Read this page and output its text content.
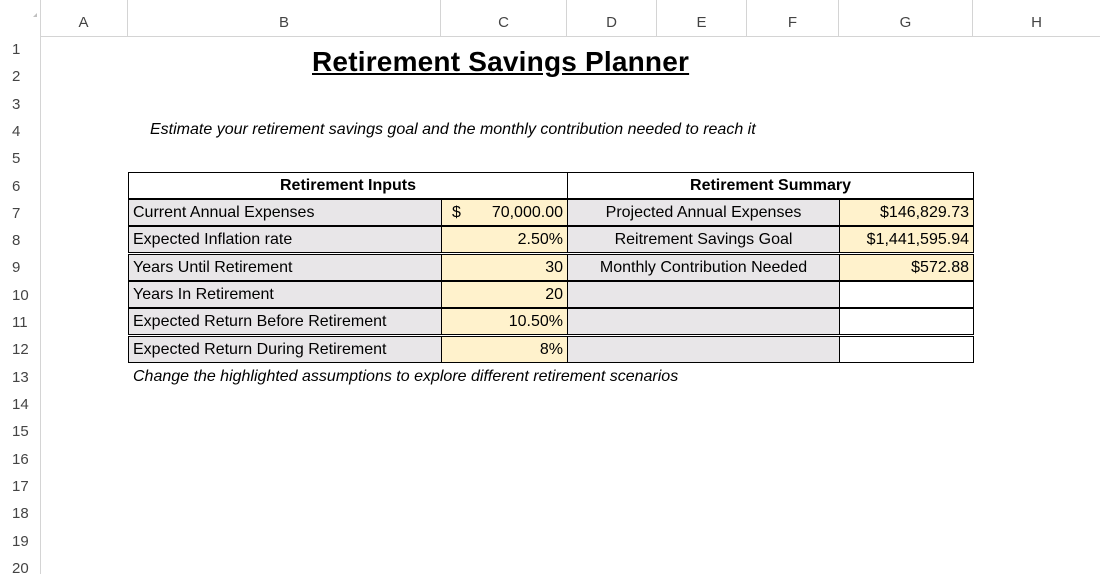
A	B	C	D	E	F	G	H
1
2
3
4
5
6
7
8
9
10
11
12
13
14
15
16
17
18
19
20
Retirement Savings Planner
Estimate your retirement savings goal and the monthly contribution needed to reach it
Retirement Inputs	Retirement Summary
Current Annual Expenses	$ 70,000.00	Projected Annual Expenses	$146,829.73
Expected Inflation rate	2.50%	Reitrement Savings Goal	$1,441,595.94
Years Until Retirement	30	Monthly Contribution Needed	$572.88
Years In Retirement	20
Expected Return Before Retirement	10.50%
Expected Return During Retirement	8%
Change the highlighted assumptions to explore different retirement scenarios
